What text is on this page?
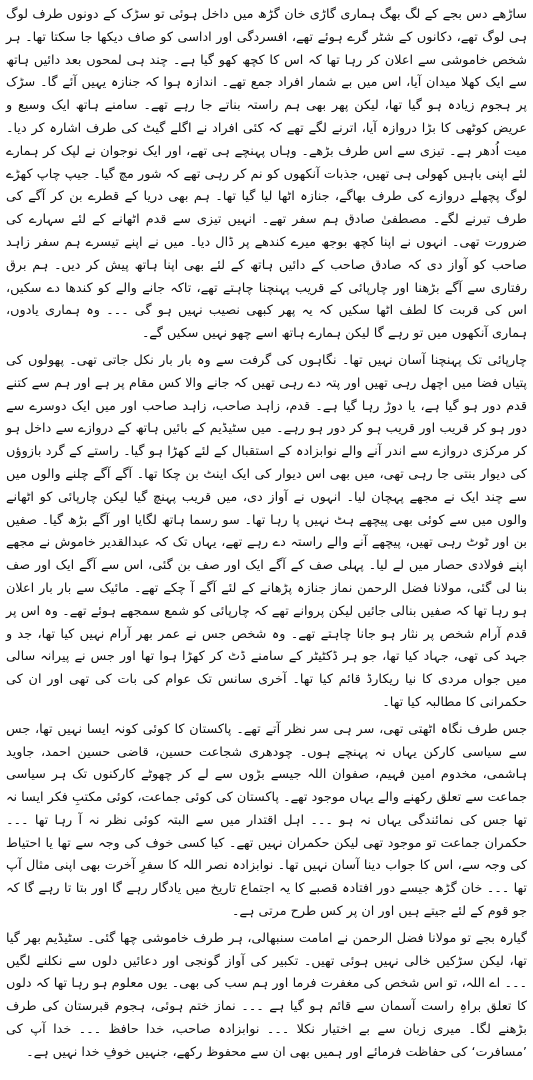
ساڑھے دس بجے کے لگ بھگ ہماری گاڑی خان گڑھ میں داخل ہوئی تو سڑک کے دونوں طرف لوگ ہی لوگ تھے، دکانوں کے شٹر گرے ہوئے تھے، افسردگی اور اداسی کو صاف دیکھا جا سکتا تھا۔ ہر شخص خاموشی سے اعلان کر رہا تھا کہ اس کا کچھ کھو گیا ہے۔ چند ہی لمحوں بعد دائیں ہاتھ سے ایک کھلا میدان آیا، اس میں بے شمار افراد جمع تھے۔ اندازہ ہوا کہ جنازہ یہیں آئے گا۔ سڑک پر ہجوم زیادہ ہو گیا تھا، لیکن پھر بھی ہم راستہ بناتے جا رہے تھے۔ سامنے ہاتھ ایک وسیع و عریض کوٹھی کا بڑا دروازہ آیا، اترنے لگے تھے کہ کئی افراد نے اگلے گیٹ کی طرف اشارہ کر دیا۔ میت اُدھر ہے۔ تیزی سے اس طرف بڑھے۔ وہاں پہنچے ہی تھے، اور ایک نوجوان نے لپک کر ہمارے لئے اپنی باہیں کھولی ہی تھیں، جذبات آنکھوں کو نم کر رہی تھے کہ شور مچ گیا۔ جیپ چاپ کھڑے لوگ پچھلے دروازے کی طرف بھاگے، جنازہ اٹھا لیا گیا تھا۔ ہم بھی دریا کے قطرے بن کر آگے کی طرف تیرنے لگے۔ مصطفیٰ صادق ہم سفر تھے۔ انہیں تیزی سے قدم اٹھانے کے لئے سہارے کی ضرورت تھی۔ انہوں نے اپنا کچھ بوجھ میرے کندھے پر ڈال دیا۔ میں نے اپنے تیسرے ہم سفر زاہد صاحب کو آواز دی کہ صادق صاحب کے دائیں ہاتھ کے لئے بھی اپنا ہاتھ پیش کر دیں۔ ہم برق رفتاری سے آگے بڑھنا اور چارپائی کے قریب پہنچنا چاہتے تھے، تاکہ جانے والے کو کندھا دے سکیں، اس کی قربت کا لطف اٹھا سکیں کہ یہ پھر کبھی نصیب نہیں ہو گی ۔۔۔ وہ ہماری یادوں، ہماری آنکھوں میں تو رہے گا لیکن ہمارے ہاتھ اسے چھو نہیں سکیں گے۔

چارپائی تک پہنچنا آسان نہیں تھا۔ نگاہوں کی گرفت سے وہ بار بار نکل جاتی تھی۔ پھولوں کی پتیاں فضا میں اچھل رہی تھیں اور پتہ دے رہی تھیں کہ جانے والا کس مقام پر ہے اور ہم سے کتنے قدم دور ہو گیا ہے، یا دوڑ رہا گیا ہے۔ قدم، زاہد صاحب، زاہد صاحب اور میں ایک دوسرے سے دور ہو کر قریب اور قریب ہو کر دور ہو رہے۔ میں سٹیڈیم کے بائیں ہاتھ کے دروازے سے داخل ہو کر مرکزی دروازے سے اندر آنے والے نوابزادہ کے استقبال کے لئے کھڑا ہو گیا۔ راستے کے گرد بازوؤں کی دیوار بنتی جا رہی تھی، میں بھی اس دیوار کی ایک اینٹ بن چکا تھا۔ آگے آگے چلنے والوں میں سے چند ایک نے مجھے پہچان لیا۔ انہوں نے آواز دی، میں قریب پہنچ گیا لیکن چارپائی کو اٹھانے والوں میں سے کوئی بھی پیچھے ہٹ نہیں پا رہا تھا۔ سو رسما ہاتھ لگایا اور آگے بڑھ گیا۔ صفیں بن اور ٹوٹ رہی تھیں، پیچھے آنے والے راستہ دے رہے تھے، یہاں تک کہ عبدالقدیر خاموش نے مجھے اپنے فولادی حصار میں لے لیا۔ پہلی صف کے آگے ایک اور صف بن گئی، اس سے آگے ایک اور صف بنا لی گئی، مولانا فضل الرحمن نماز جنازہ پڑھانے کے لئے آگے آ چکے تھے۔ مائیک سے بار بار اعلان ہو رہا تھا کہ صفیں بنالی جائیں لیکن پروانے تھے کہ چارپائی کو شمع سمجھے ہوئے تھے۔ وہ اس پر قدم آرام شخص پر نثار ہو جانا چاہتے تھے۔ وہ شخص جس نے عمر بھر آرام نہیں کیا تھا، جد و جہد کی تھی، جہاد کیا تھا، جو ہر ڈکٹیٹر کے سامنے ڈٹ کر کھڑا ہوا تھا اور جس نے پیرانہ سالی میں جواں مردی کا نیا ریکارڈ قائم کیا تھا۔ آخری سانس تک عوام کی بات کی تھی اور ان کی حکمرانی کا مطالبہ کیا تھا۔

جس طرف نگاہ اٹھتی تھی، سر ہی سر نظر آتے تھے۔ پاکستان کا کوئی کونہ ایسا نہیں تھا، جس سے سیاسی کارکن یہاں نہ پہنچے ہوں۔ چودھری شجاعت حسین، قاضی حسین احمد، جاوید ہاشمی، مخدوم امین فہیم، صفوان اللہ جیسے بڑوں سے لے کر چھوٹے کارکنوں تک ہر سیاسی جماعت سے تعلق رکھنے والے یہاں موجود تھے۔ پاکستان کی کوئی جماعت، کوئی مکتبِ فکر ایسا نہ تھا جس کی نمائندگی یہاں نہ ہو ۔۔۔ اہل اقتدار میں سے البتہ کوئی نظر نہ آ رہا تھا ۔۔۔ حکمران جماعت تو موجود تھی لیکن حکمران نہیں تھے۔ کیا کسی خوف کی وجہ سے تھا یا احتیاط کی وجہ سے، اس کا جواب دینا آسان نہیں تھا۔ نوابزادہ نصر اللہ کا سفرِ آخرت بھی اپنی مثال آپ تھا ۔۔۔ خان گڑھ جیسے دور افتادہ قصبے کا یہ اجتماع تاریخ میں یادگار رہے گا اور بتا تا رہے گا کہ جو قوم کے لئے جیتے ہیں اور ان پر کس طرح مرتی ہے۔

گیارہ بجے تو مولانا فضل الرحمن نے امامت سنبھالی، ہر طرف خاموشی چھا گئی۔ سٹیڈیم بھر گیا تھا، لیکن سڑکیں خالی نہیں ہوئی تھیں۔ تکبیر کی آواز گونجی اور دعائیں دلوں سے نکلنے لگیں ۔۔۔ اے اللہ، تو اس شخص کی مغفرت فرما اور ہم سب کی بھی۔ یوں معلوم ہو رہا تھا کہ دلوں کا تعلق براہِ راست آسمان سے قائم ہو گیا ہے ۔۔۔ نماز ختم ہوئی، ہجوم قبرستان کی طرف بڑھنے لگا۔ میری زبان سے بے اختیار نکلا ۔۔۔ نوابزادہ صاحب، خدا حافظ ۔۔۔ خدا آپ کی ’مسافرت‘ کی حفاظت فرمائے اور ہمیں بھی ان سے محفوظ رکھے، جنہیں خوفِ خدا نہیں ہے۔
